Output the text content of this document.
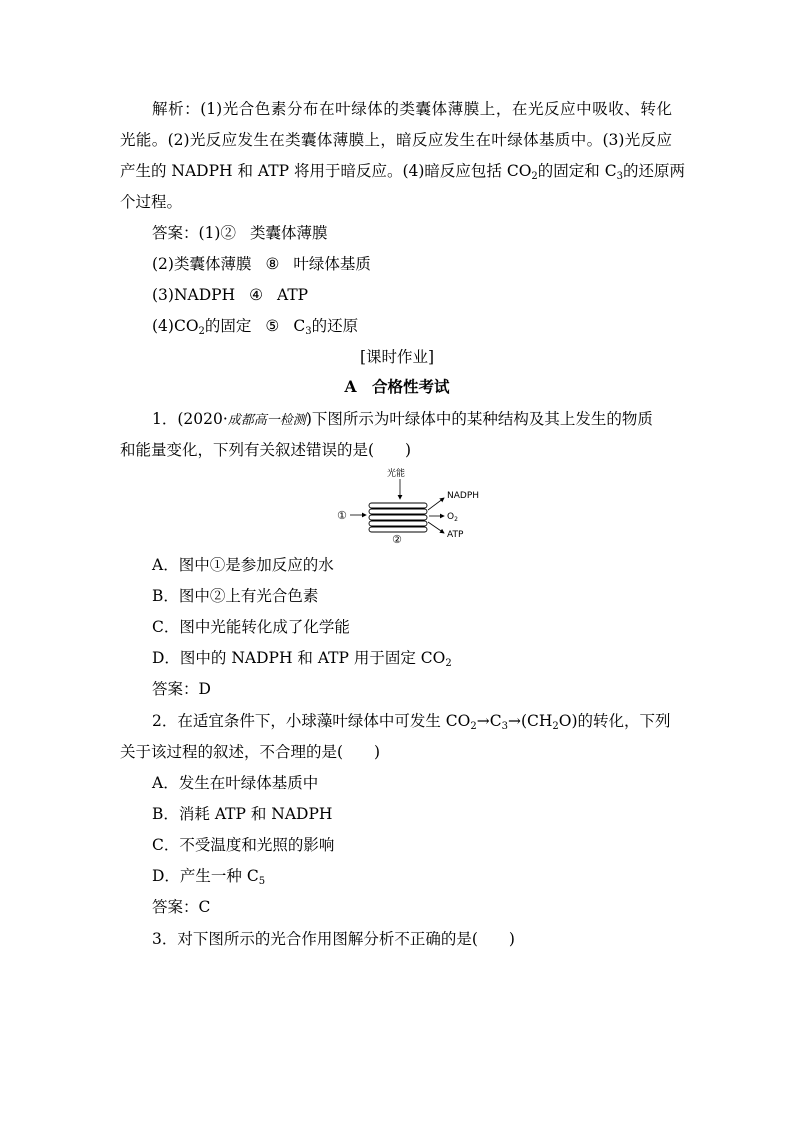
解析：(1)光合色素分布在叶绿体的类囊体薄膜上，在光反应中吸收、转化
光能。(2)光反应发生在类囊体薄膜上，暗反应发生在叶绿体基质中。(3)光反应
产生的 NADPH 和 ATP 将用于暗反应。(4)暗反应包括 $CO_2$的固定和 $C_3$的还原两
个过程。
答案：(1)② 类囊体薄膜
(2)类囊体薄膜 ⑧ 叶绿体基质
(3)NADPH ④ ATP
$(4)CO_2$的固定 ⑤ $C_3$的还原
[课时作业]
A　合格性考试
1．(2020·成都高一检测)下图所示为叶绿体中的某种结构及其上发生的物质
和能量变化，下列有关叙述错误的是(　　)
光能
①
②
NADPH
$O_2$
ATP
A．图中①是参加反应的水
B．图中②上有光合色素
C．图中光能转化成了化学能
D．图中的 NADPH 和 ATP 用于固定 $CO_2$
答案：D
2．在适宜条件下，小球藻叶绿体中可发生 $CO_2\to C_3\to(CH_2O)$的转化，下列
关于该过程的叙述，不合理的是(　　)
A．发生在叶绿体基质中
B．消耗 ATP 和 NADPH
C．不受温度和光照的影响
D．产生一种 $C_5$
答案：C
3．对下图所示的光合作用图解分析不正确的是(　　)
